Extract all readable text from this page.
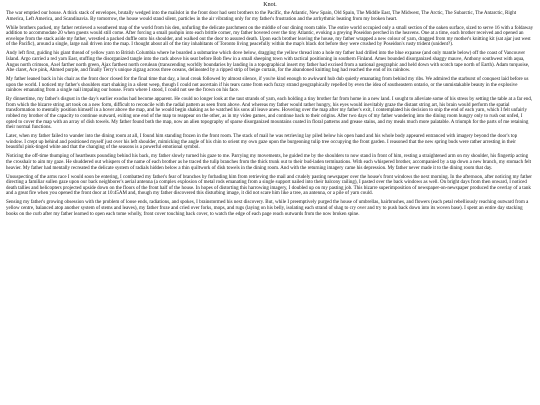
Knot.

The war emptied our house. A thick stack of envelopes, brutally wedged into the mailslot in the front door had sent brothers to the Pacific, the Atlantic, New Spain, Old Spain, The Middle East, The Midwest, The Arctic, The Subarctic, The Antarctic, Right America, Left America, and Scandinavia. By tomorrow, the house would stand silent, particles in the air vibrating only for my father's frustration and the arrhythmic beating from my broken heart.

While brothers packed, my father retrieved a weathered map of the world from his den, unfurling the delicate parchment on the middle of our dining room table. The entire world occupied only a small section of the oaken surface, sized to serve 16 with a foldaway addition to accommodate 20 when guests would still come. After forcing a small pushpin into each brittle corner, my father hovered over the tiny Atlantic, evoking a greying Poseidon perched in the heavens. One at a time, each brother received and opened an envelope from the stack aside my father, wrestled a packed duffle onto his shoulder, and walked out the door to assured death. Upon each brother leaving the house, my father wrapped a new colour of yarn, dragged from my mother's knitting kit (sat ajar just west of the Pacific), around a single, large nail driven into the map. I thought about all of the tiny inhabitants of Toronto living peacefully within the map's black dot before they were crushed by Poseidon's rusty trident (unident?).

Andy left first, guiding his giant thread of yellow yarn to British Columbia where he boarded a submarine which dove below, dragging the yellow thread into a hole my father had drilled into the blue expanse (and only mantle below) off the coast of Vancouver Island. Argo carried a red yarn East, stuffing the disorganized tangle into the rack above his seat before Bob flew in a small sheeping town with tactical positioning in southern Finland. Ames bounded disorganized shaggy mauve, Anthony southwest with aqua, Angus north crimson, Axel farther north green, Ajax farthest north cerulean (transcending worldly boundaries by landing in a topographical insert my father had excised from a national geographic and held down with scotch tape north of Earth). Adam turquoise, Abe claret, Ace pink, Ahmed purple, and finally Terry's unique zigzag across three oceans, delineated by a ripped strip of beige curtain, for the abandoned knitting bag had reached the end of its rainbow.

My father leaned back in his chair as the front door closed for the final time that day, a loud creak followed by almost silence, if you're kind enough to awkward hub dub quietly emanating from behind my ribs. We admired the starburst of conquest laid before us upon the world. I noticed my father's shoulders start shaking in a silent weep, though I could not ascertain if his tears came from each fuzzy strand geographically repelled by even the idea of southeastern ontario, or the unmistakable beauty in the explosive rainbow emanating from a single nail impaling our house. From where I stood, I could not see the frown on his face.

By dinnertime, my father's disgust in the day's earlier exodus had become apparent. He could no longer look at the taut strands of yarn, each holding a tiny brother far from home in a new land. I sought to alleviate some of his stress by setting the table at a far end, from which the bizarre string art took on a new form, difficult to reconcile with the radial pattern as seen from above. And whereas my father would rather hungry, his eyes would inevitably graze the distant string art, his brain would perform the spatial transformation to mentally position himself in a hover above the map, and he would begin shaking as he watched his sons all leave anew. Hovering over the map after my father's exit, I contemplated his decision to snip the end of each yarn, which I felt unfairly robbed my brother of the capacity to continue outward, exiting one end of the map to reappear on the other, as in my video games, and continue back to their origins. After two days of my father wandering into the dining room hungry only to rush out unfed, I opted to cover the map with an array of dish towels. My father found both the map, now an alien topography of sparse disorganized mountains coated in floral patterns and grease stains, and my meals much more palatable. A triumph for the parts of me retaining their normal functions.

Later, when my father failed to wander into the dining room at all, I found him standing frozen in the front room. The stack of mail he was retrieving lay piled below his open hand and his whole body appeared entranced with imagery beyond the door's top window. I crept up behind and positioned myself just over his left shoulder, mimicking the angle of his chin to orient my own gaze upon the burgeoning tulip tree occupying the front garden. I reasoned that the new spring buds were rather arresting in their beautiful pink-tinged white and that the changing of the seasons is a powerful emotional symbol.

Noticing the off-time thumping of heartbeats pounding behind his back, my father slowly turned his gaze to me. Parrying my movements, he guided me by the shoulders to now stand in front of him, resting a straightened arm on my shoulder, his fingertip acting the crosshair to aim my gaze. He shuddered out whispers of the name of each brother as he traced the tulip branches from the thick trunk out to their bud-laden terminations. With each whispered brother, accompanied by a tap down a new branch, my stomach felt heavier. My father had mentally recreated the delicate system of radials hidden below a thin quiltwork of dish towels in the dining room. And with the returning imagery came his depression. My father never made it to the dining room that day.

Unsuspecting of the arms race I would soon be entering, I combatted my father's fear of branches by forbading him from retrieving the mail and crudely pasting newspaper over the house's front windows the next morning. In the afternoon, after noticing my father directing a familiar sullen gaze upon our back neighborer's aerial antenna (a complex explosion of metal rods emanating from a single support nailed into their balcony railing), I pasted over the back windows as well. On bright days from then onward, I noticed death tallies and helicopters projected upside down on the floors of the front half of the house. In hopes of distorting this harrowing imagery, I doubled up on my pasting job. This bizarre superimposition of newspaper-on-newspaper produced the overlay of a tank and a great fire when you opened the front door at 10:45AM and, though my father discovered this disturbing image, it did not scare him like a tree, an antenna, or a pile of yarn could.

Sensing my father's growing obsession with the problem of loose ends, radiations, and spokes, I brainstormed his next discovery. But, while I preemptively purged the house of umbrellas, hairbrushes, and flowers (each petal rebelliously reaching outward from a yellow centre, balanced atop another system of stems and leaves), my father froze and cried over forks, mops, and rugs (laying on his belly, isolating each strand of shag to cry over and try to push back down into its woven base). I spent an entire day stacking books on the curb after my father learned to open each tome wholly, front cover touching back cover, to watch the edge of each page reach outwards from the now broken spine.
